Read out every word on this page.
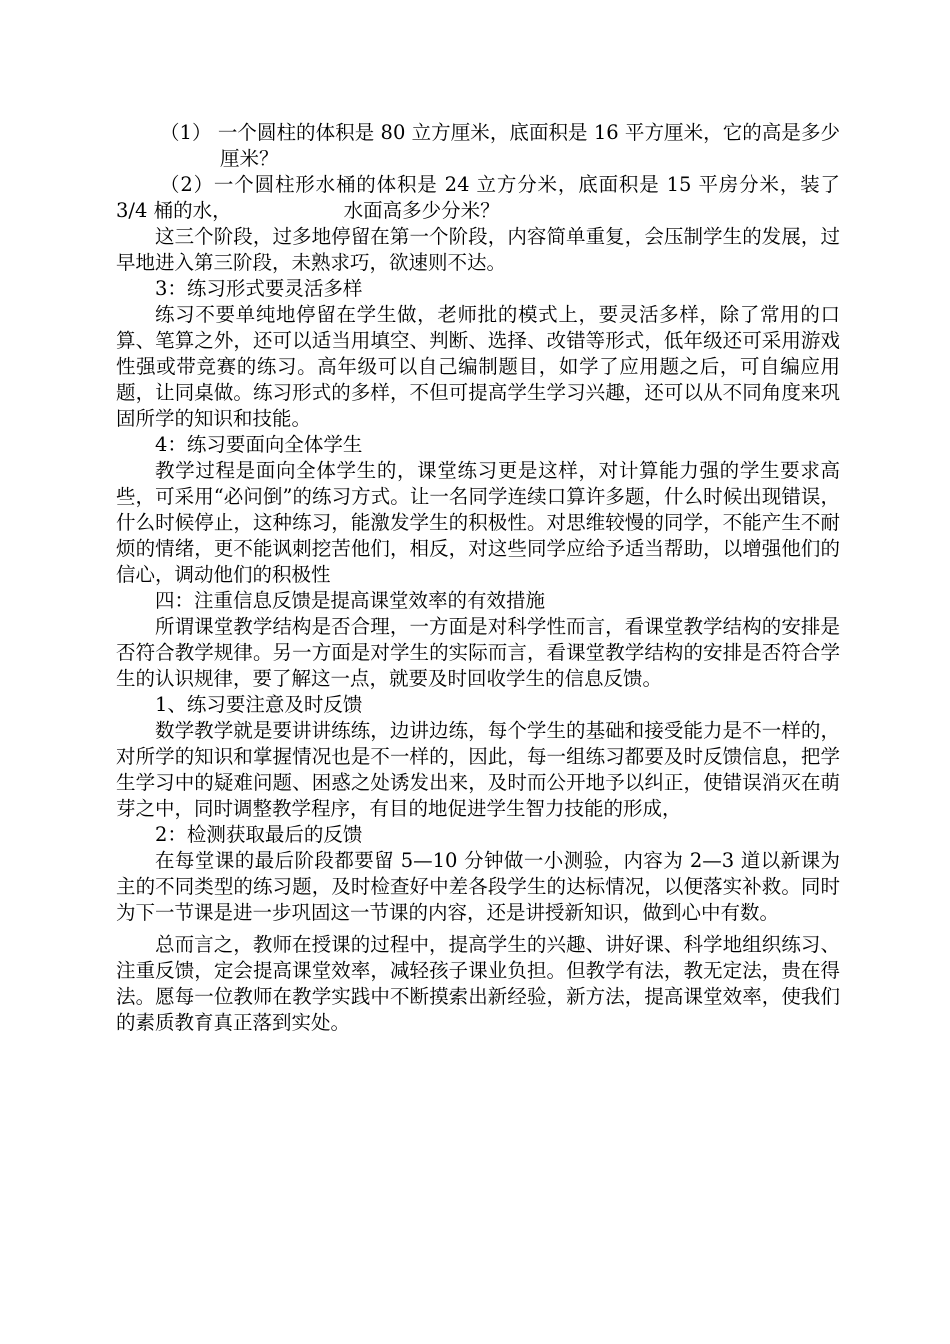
（1） 一个圆柱的体积是 80 立方厘米，底面积是 16 平方厘米，它的高是多少厘米？

（2）一个圆柱形水桶的体积是 24 立方分米，底面积是 15 平房分米，装了 3/4 桶的水，	水面高多少分米？

这三个阶段，过多地停留在第一个阶段，内容简单重复，会压制学生的发展，过早地进入第三阶段，未熟求巧，欲速则不达。

3：练习形式要灵活多样

练习不要单纯地停留在学生做，老师批的模式上，要灵活多样，除了常用的口算、笔算之外，还可以适当用填空、判断、选择、改错等形式，低年级还可采用游戏性强或带竞赛的练习。高年级可以自己编制题目，如学了应用题之后，可自编应用题，让同桌做。练习形式的多样，不但可提高学生学习兴趣，还可以从不同角度来巩固所学的知识和技能。

4：练习要面向全体学生

教学过程是面向全体学生的，课堂练习更是这样，对计算能力强的学生要求高些，可采用“必问倒”的练习方式。让一名同学连续口算许多题，什么时候出现错误，什么时候停止，这种练习，能激发学生的积极性。对思维较慢的同学，不能产生不耐烦的情绪，更不能讽刺挖苦他们，相反，对这些同学应给予适当帮助，以增强他们的信心，调动他们的积极性

四：注重信息反馈是提高课堂效率的有效措施

所谓课堂教学结构是否合理，一方面是对科学性而言，看课堂教学结构的安排是否符合教学规律。另一方面是对学生的实际而言，看课堂教学结构的安排是否符合学生的认识规律，要了解这一点，就要及时回收学生的信息反馈。

1、练习要注意及时反馈

数学教学就是要讲讲练练，边讲边练，每个学生的基础和接受能力是不一样的，对所学的知识和掌握情况也是不一样的，因此，每一组练习都要及时反馈信息，把学生学习中的疑难问题、困惑之处诱发出来，及时而公开地予以纠正，使错误消灭在萌芽之中，同时调整教学程序，有目的地促进学生智力技能的形成，

2：检测获取最后的反馈

在每堂课的最后阶段都要留 5—10 分钟做一小测验，内容为 2—3 道以新课为主的不同类型的练习题，及时检查好中差各段学生的达标情况，以便落实补救。同时为下一节课是进一步巩固这一节课的内容，还是讲授新知识，做到心中有数。

总而言之，教师在授课的过程中，提高学生的兴趣、讲好课、科学地组织练习、注重反馈，定会提高课堂效率，减轻孩子课业负担。但教学有法，教无定法，贵在得法。愿每一位教师在教学实践中不断摸索出新经验，新方法，提高课堂效率，使我们的素质教育真正落到实处。
